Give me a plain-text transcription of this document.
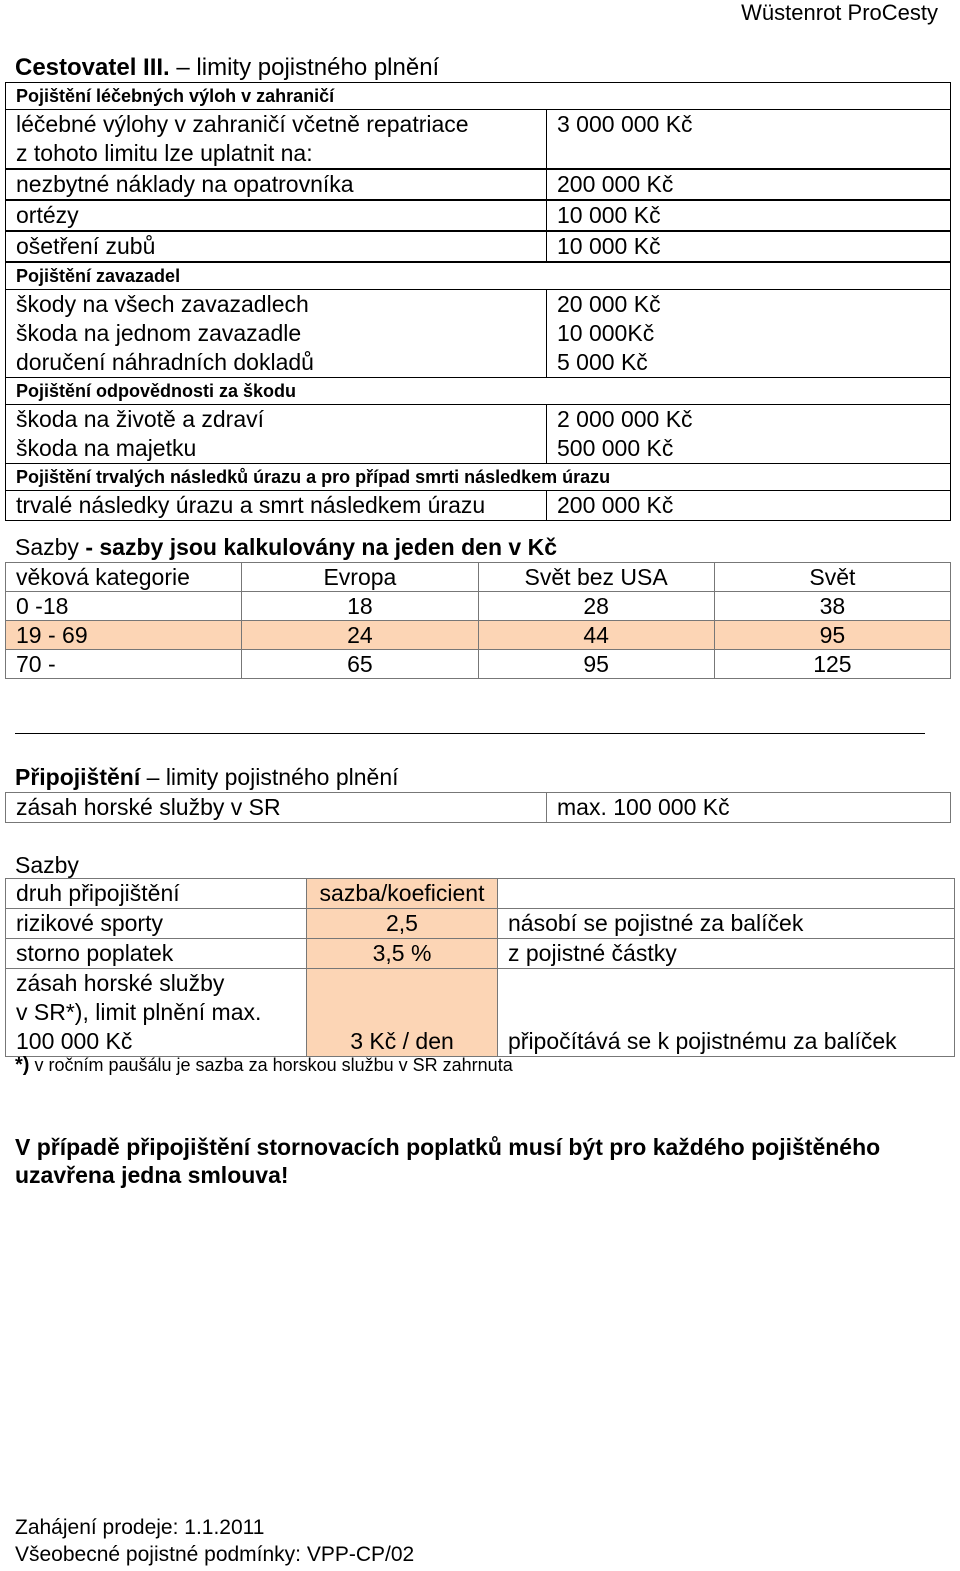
Wüstenrot ProCesty
Cestovatel III. – limity pojistného plnění
Pojištění léčebných výloh v zahraničí	
léčebné výlohy v zahraničí včetně repatriace	3 000 000 Kč
z tohoto limitu lze uplatnit na:	
nezbytné náklady na opatrovníka	200 000 Kč
ortézy	10 000 Kč
ošetření zubů	10 000 Kč
Pojištění zavazadel	
škody na všech zavazadlech	20 000 Kč
škoda na jednom zavazadle	10 000Kč
doručení náhradních dokladů	5 000 Kč
Pojištění odpovědnosti za škodu	
škoda na životě a zdraví	2 000 000 Kč
škoda na majetku	500 000 Kč
Pojištění trvalých následků úrazu a pro případ smrti následkem úrazu	
trvalé následky úrazu a smrt následkem úrazu	200 000 Kč
Sazby - sazby jsou kalkulovány na jeden den v Kč
věková kategorie	Evropa	Svět bez USA	Svět
0 -18	18	28	38
19 - 69	24	44	95
70 -	65	95	125
Připojištění – limity pojistného plnění
zásah horské služby v SR	max. 100 000 Kč
Sazby
druh připojištění	sazba/koeficient	
rizikové sporty	2,5	násobí se pojistné za balíček
storno poplatek	3,5 %	z pojistné částky

zásah horské služby
v SR*), limit plnění max.
100 000 Kč	3 Kč / den	připočítává se k pojistnému za balíček
*) v ročním paušálu je sazba za horskou službu v SR zahrnuta
V případě připojištění stornovacích poplatků musí být pro každého pojištěného uzavřena jedna smlouva!
Zahájení prodeje: 1.1.2011
Všeobecné pojistné podmínky: VPP-CP/02
